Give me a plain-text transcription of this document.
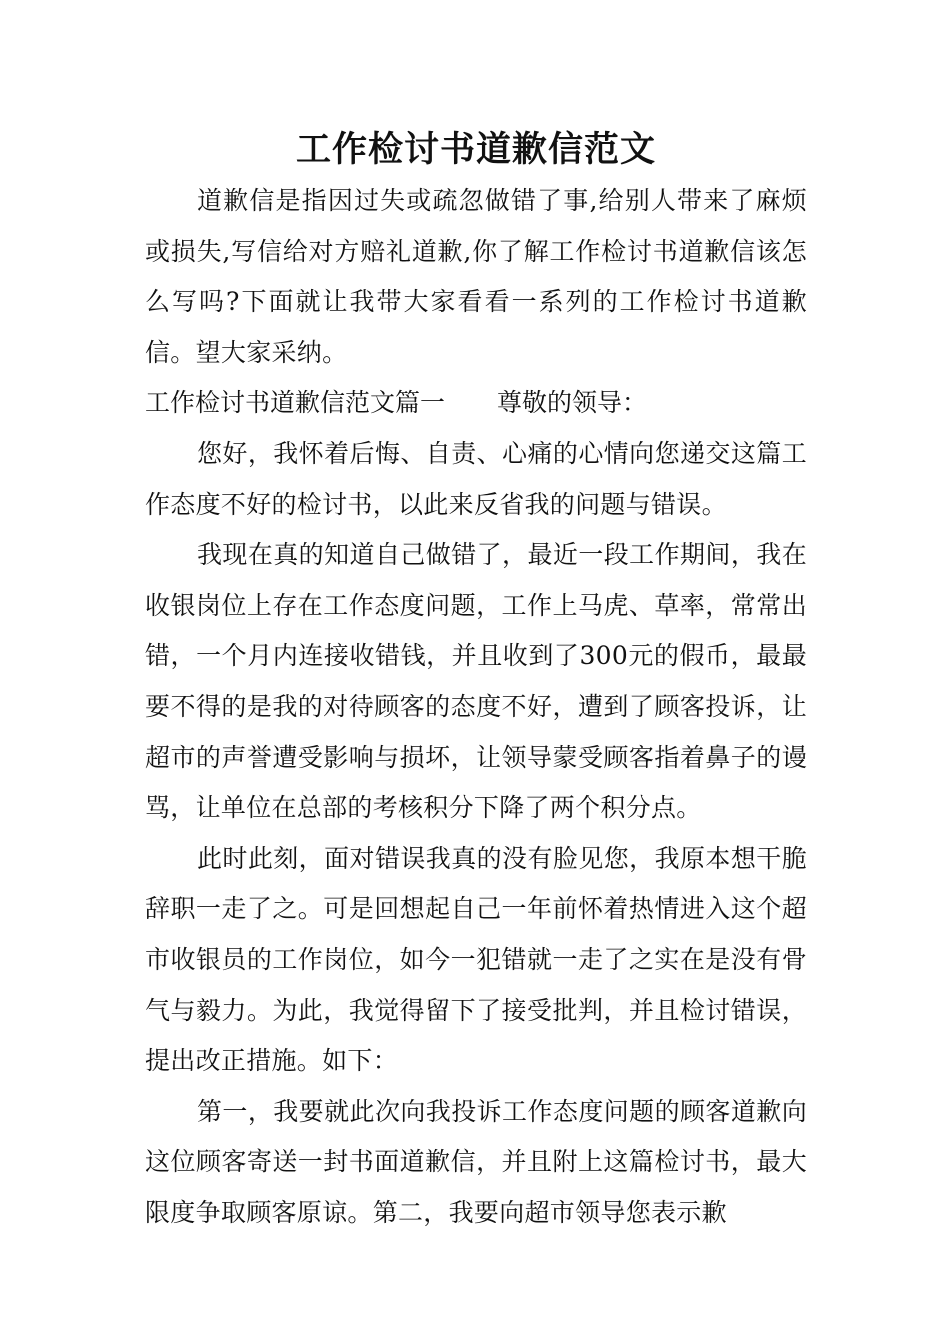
工作检讨书道歉信范文

道歉信是指因过失或疏忽做错了事,给别人带来了麻烦或损失,写信给对方赔礼道歉,你了解工作检讨书道歉信该怎么写吗?下面就让我带大家看看一系列的工作检讨书道歉信。望大家采纳。

工作检讨书道歉信范文篇一 尊敬的领导：

您好，我怀着后悔、自责、心痛的心情向您递交这篇工作态度不好的检讨书，以此来反省我的问题与错误。

我现在真的知道自己做错了，最近一段工作期间，我在收银岗位上存在工作态度问题，工作上马虎、草率，常常出错，一个月内连接收错钱，并且收到了300元的假币，最最要不得的是我的对待顾客的态度不好，遭到了顾客投诉，让超市的声誉遭受影响与损坏，让领导蒙受顾客指着鼻子的谩骂，让单位在总部的考核积分下降了两个积分点。

此时此刻，面对错误我真的没有脸见您，我原本想干脆辞职一走了之。可是回想起自己一年前怀着热情进入这个超市收银员的工作岗位，如今一犯错就一走了之实在是没有骨气与毅力。为此，我觉得留下了接受批判，并且检讨错误，提出改正措施。如下：

第一，我要就此次向我投诉工作态度问题的顾客道歉向这位顾客寄送一封书面道歉信，并且附上这篇检讨书，最大限度争取顾客原谅。第二，我要向超市领导您表示歉
